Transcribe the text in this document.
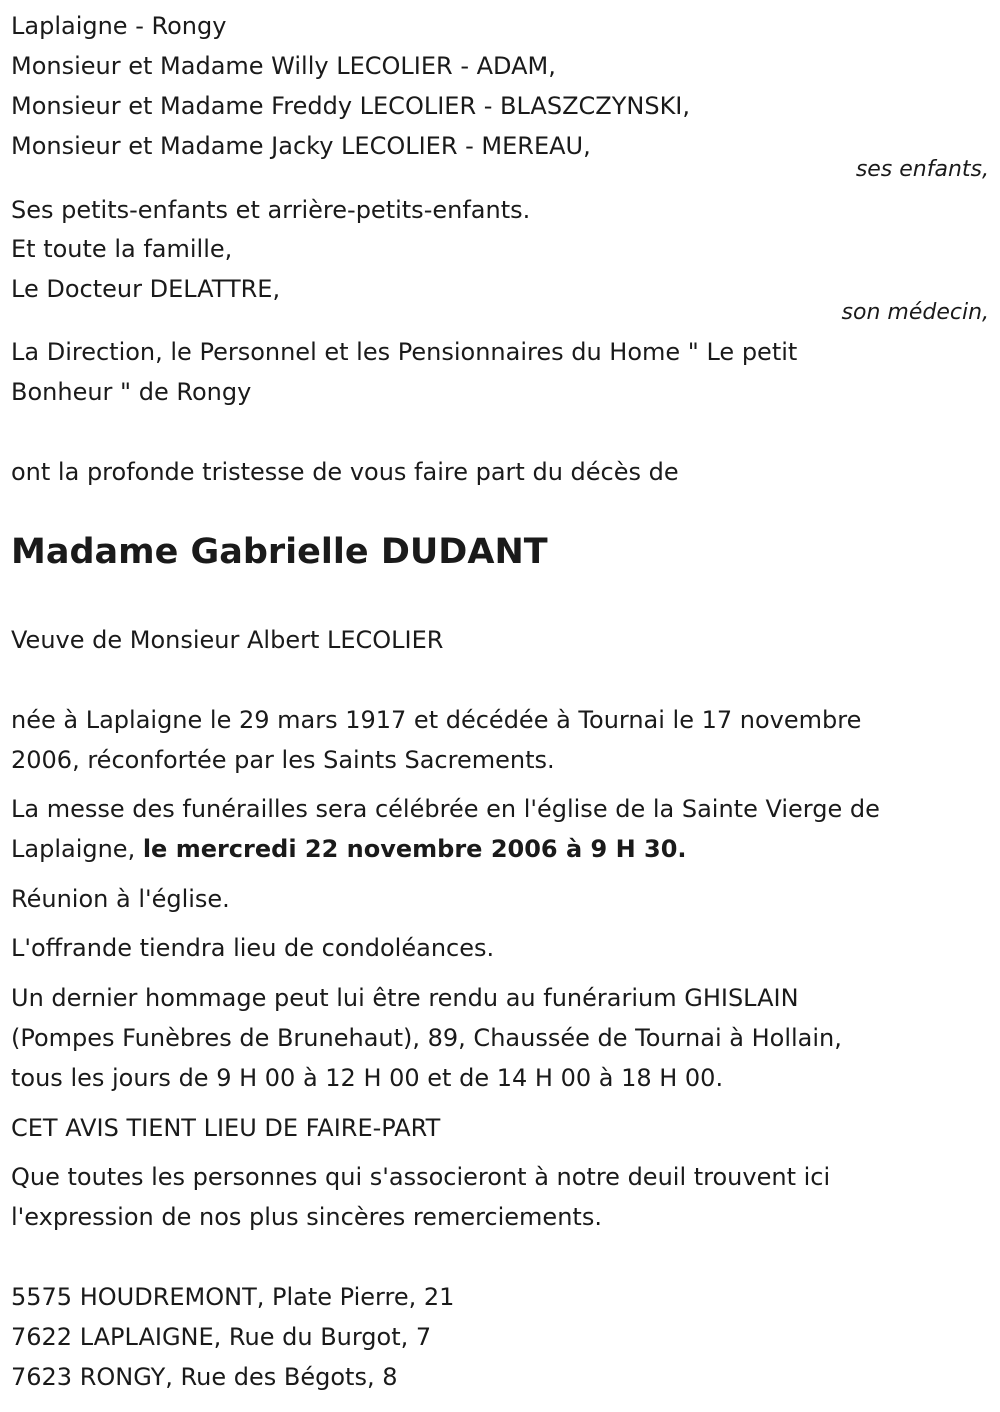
Laplaigne - Rongy
Monsieur et Madame Willy LECOLIER - ADAM,
Monsieur et Madame Freddy LECOLIER - BLASZCZYNSKI,
Monsieur et Madame Jacky LECOLIER - MEREAU,
ses enfants,
Ses petits-enfants et arrière-petits-enfants.
Et toute la famille,
Le Docteur DELATTRE,
son médecin,
La Direction, le Personnel et les Pensionnaires du Home " Le petit
Bonheur " de Rongy
ont la profonde tristesse de vous faire part du décès de
Madame Gabrielle DUDANT
Veuve de Monsieur Albert LECOLIER
née à Laplaigne le 29 mars 1917 et décédée à Tournai le 17 novembre
2006, réconfortée par les Saints Sacrements.
La messe des funérailles sera célébrée en l'église de la Sainte Vierge de
Laplaigne, le mercredi 22 novembre 2006 à 9 H 30.
Réunion à l'église.
L'offrande tiendra lieu de condoléances.
Un dernier hommage peut lui être rendu au funérarium GHISLAIN
(Pompes Funèbres de Brunehaut), 89, Chaussée de Tournai à Hollain,
tous les jours de 9 H 00 à 12 H 00 et de 14 H 00 à 18 H 00.
CET AVIS TIENT LIEU DE FAIRE-PART
Que toutes les personnes qui s'associeront à notre deuil trouvent ici
l'expression de nos plus sincères remerciements.
5575 HOUDREMONT, Plate Pierre, 21
7622 LAPLAIGNE, Rue du Burgot, 7
7623 RONGY, Rue des Bégots, 8
